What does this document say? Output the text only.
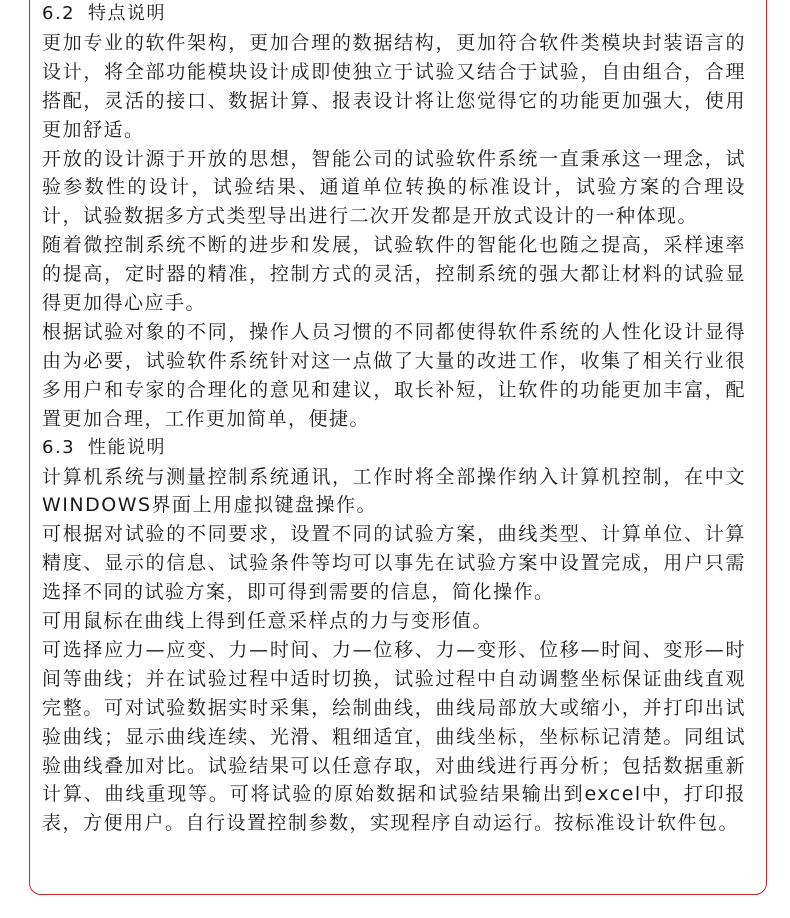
6.2 特点说明

更加专业的软件架构，更加合理的数据结构，更加符合软件类模块封装语言的设计，将全部功能模块设计成即使独立于试验又结合于试验，自由组合，合理搭配，灵活的接口、数据计算、报表设计将让您觉得它的功能更加强大，使用更加舒适。

开放的设计源于开放的思想，智能公司的试验软件系统一直秉承这一理念，试验参数性的设计，试验结果、通道单位转换的标准设计，试验方案的合理设计，试验数据多方式类型导出进行二次开发都是开放式设计的一种体现。

随着微控制系统不断的进步和发展，试验软件的智能化也随之提高，采样速率的提高，定时器的精准，控制方式的灵活，控制系统的强大都让材料的试验显得更加得心应手。

根据试验对象的不同，操作人员习惯的不同都使得软件系统的人性化设计显得由为必要，试验软件系统针对这一点做了大量的改进工作，收集了相关行业很多用户和专家的合理化的意见和建议，取长补短，让软件的功能更加丰富，配置更加合理，工作更加简单，便捷。

6.3 性能说明

计算机系统与测量控制系统通讯，工作时将全部操作纳入计算机控制，在中文WINDOWS界面上用虚拟键盘操作。

可根据对试验的不同要求，设置不同的试验方案，曲线类型、计算单位、计算精度、显示的信息、试验条件等均可以事先在试验方案中设置完成，用户只需选择不同的试验方案，即可得到需要的信息，简化操作。

可用鼠标在曲线上得到任意采样点的力与变形值。

可选择应力—应变、力—时间、力—位移、力—变形、位移—时间、变形—时间等曲线；并在试验过程中适时切换，试验过程中自动调整坐标保证曲线直观完整。可对试验数据实时采集，绘制曲线，曲线局部放大或缩小，并打印出试验曲线；显示曲线连续、光滑、粗细适宜，曲线坐标，坐标标记清楚。同组试验曲线叠加对比。试验结果可以任意存取，对曲线进行再分析；包括数据重新计算、曲线重现等。可将试验的原始数据和试验结果输出到excel中，打印报表，方便用户。自行设置控制参数，实现程序自动运行。按标准设计软件包。
